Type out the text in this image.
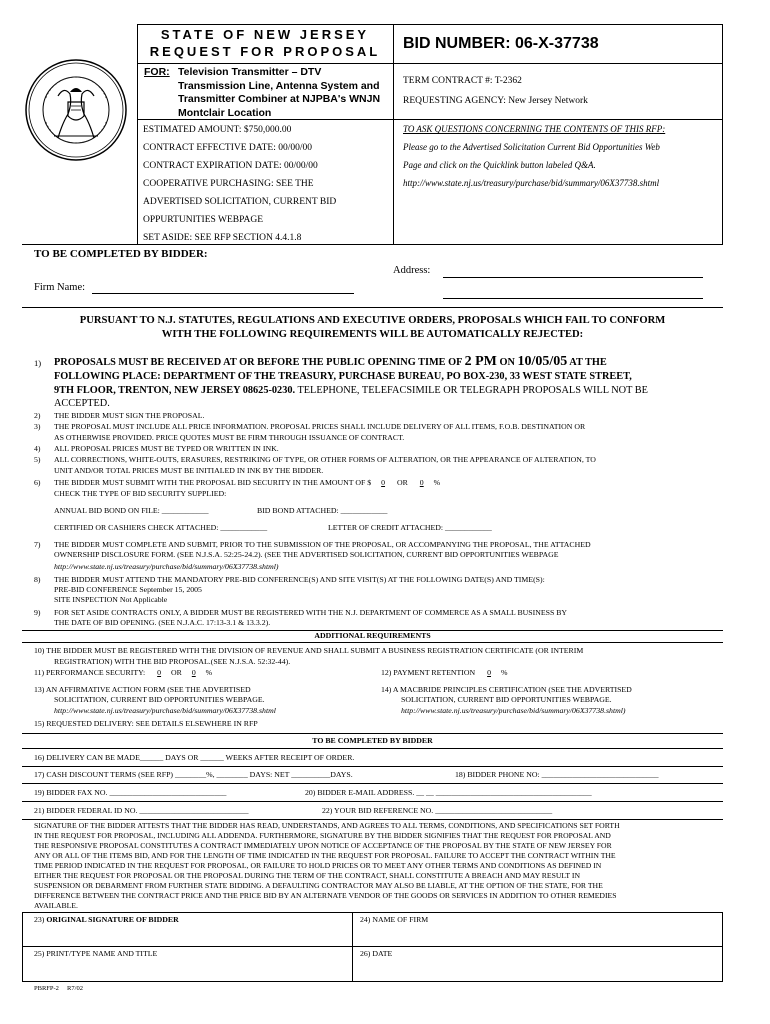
STATE OF NEW JERSEY
REQUEST FOR PROPOSAL	BID NUMBER: 06-X-37738
FOR: Television Transmitter – DTV Transmission Line, Antenna System and Transmitter Combiner at NJPBA's WNJN Montclair Location
TERM CONTRACT #: T-2362
REQUESTING AGENCY: New Jersey Network
ESTIMATED AMOUNT: $750,000.00
CONTRACT EFFECTIVE DATE: 00/00/00
CONTRACT EXPIRATION DATE: 00/00/00
COOPERATIVE PURCHASING: SEE THE
ADVERTISED SOLICITATION, CURRENT BID
OPPURTUNITIES WEBPAGE
SET ASIDE: SEE RFP SECTION 4.4.1.8
TO ASK QUESTIONS CONCERNING THE CONTENTS OF THIS RFP:
Please go to the Advertised Solicitation Current Bid Opportunities Web
Page and click on the Quicklink button labeled Q&A.
http://www.state.nj.us/treasury/purchase/bid/summary/06X37738.shtml
TO BE COMPLETED BY BIDDER:
Address:
Firm Name:
PURSUANT TO N.J. STATUTES, REGULATIONS AND EXECUTIVE ORDERS, PROPOSALS WHICH FAIL TO CONFORM
WITH THE FOLLOWING REQUIREMENTS WILL BE AUTOMATICALLY REJECTED:
1) PROPOSALS MUST BE RECEIVED AT OR BEFORE THE PUBLIC OPENING TIME OF 2 PM ON 10/05/05 AT THE
FOLLOWING PLACE: DEPARTMENT OF THE TREASURY, PURCHASE BUREAU, PO BOX-230, 33 WEST STATE STREET,
9TH FLOOR, TRENTON, NEW JERSEY 08625-0230. TELEPHONE, TELEFACSIMILE OR TELEGRAPH PROPOSALS WILL NOT BE
ACCEPTED.
2) THE BIDDER MUST SIGN THE PROPOSAL.
3) THE PROPOSAL MUST INCLUDE ALL PRICE INFORMATION. PROPOSAL PRICES SHALL INCLUDE DELIVERY OF ALL ITEMS, F.O.B. DESTINATION OR
AS OTHERWISE PROVIDED. PRICE QUOTES MUST BE FIRM THROUGH ISSUANCE OF CONTRACT.
4) ALL PROPOSAL PRICES MUST BE TYPED OR WRITTEN IN INK.
5) ALL CORRECTIONS, WHITE-OUTS, ERASURES, RESTRIKING OF TYPE, OR OTHER FORMS OF ALTERATION, OR THE APPEARANCE OF ALTERATION, TO
UNIT AND/OR TOTAL PRICES MUST BE INITIALED IN INK BY THE BIDDER.
6) THE BIDDER MUST SUBMIT WITH THE PROPOSAL BID SECURITY IN THE AMOUNT OF $ 0 OR 0 %
CHECK THE TYPE OF BID SECURITY SUPPLIED:
ANNUAL BID BOND ON FILE: ____________	BID BOND ATTACHED: ____________
CERTIFIED OR CASHIERS CHECK ATTACHED: ____________	LETTER OF CREDIT ATTACHED: ____________
7) THE BIDDER MUST COMPLETE AND SUBMIT, PRIOR TO THE SUBMISSION OF THE PROPOSAL, OR ACCOMPANYING THE PROPOSAL, THE ATTACHED
OWNERSHIP DISCLOSURE FORM. (SEE N.J.S.A. 52:25-24.2). (SEE THE ADVERTISED SOLICITATION, CURRENT BID OPPORTUNITIES WEBPAGE
http://www.state.nj.us/treasury/purchase/bid/summary/06X37738.shtml)
8) THE BIDDER MUST ATTEND THE MANDATORY PRE-BID CONFERENCE(S) AND SITE VISIT(S) AT THE FOLLOWING DATE(S) AND TIME(S):
PRE-BID CONFERENCE September 15, 2005
SITE INSPECTION Not Applicable
9) FOR SET ASIDE CONTRACTS ONLY, A BIDDER MUST BE REGISTERED WITH THE N.J. DEPARTMENT OF COMMERCE AS A SMALL BUSINESS BY
THE DATE OF BID OPENING. (SEE N.J.A.C. 17:13-3.1 & 13.3.2).
ADDITIONAL REQUIREMENTS
10) THE BIDDER MUST BE REGISTERED WITH THE DIVISION OF REVENUE AND SHALL SUBMIT A BUSINESS REGISTRATION CERTIFICATE (OR INTERIM
REGISTRATION) WITH THE BID PROPOSAL.(SEE N.J.S.A. 52:32-44).
11) PERFORMANCE SECURITY: 0 OR 0 %	12) PAYMENT RETENTION 0 %
13) AN AFFIRMATIVE ACTION FORM (SEE THE ADVERTISED
SOLICITATION, CURRENT BID OPPORTUNITIES WEBPAGE.
http://www.state.nj.us/treasury/purchase/bid/summary/06X37738.shtml
14) A MACBRIDE PRINCIPLES CERTIFICATION (SEE THE ADVERTISED
SOLICITATION, CURRENT BID OPPORTUNITIES WEBPAGE.
http://www.state.nj.us/treasury/purchase/bid/summary/06X37738.shtml)
15) REQUESTED DELIVERY: SEE DETAILS ELSEWHERE IN RFP
TO BE COMPLETED BY BIDDER
16) DELIVERY CAN BE MADE______ DAYS OR ______ WEEKS AFTER RECEIPT OF ORDER.
17) CASH DISCOUNT TERMS (SEE RFP) ________%, ________ DAYS: NET __________DAYS.	18) BIDDER PHONE NO: ______________________________
19) BIDDER FAX NO. ______________________________	20) BIDDER E-MAIL ADDRESS. __ __ ________________________________________
21) BIDDER FEDERAL ID NO. ____________________________	22) YOUR BID REFERENCE NO. ______________________________
SIGNATURE OF THE BIDDER ATTESTS THAT THE BIDDER HAS READ, UNDERSTANDS, AND AGREES TO ALL TERMS, CONDITIONS, AND SPECIFICATIONS SET FORTH
IN THE REQUEST FOR PROPOSAL, INCLUDING ALL ADDENDA. FURTHERMORE, SIGNATURE BY THE BIDDER SIGNIFIES THAT THE REQUEST FOR PROPOSAL AND
THE RESPONSIVE PROPOSAL CONSTITUTES A CONTRACT IMMEDIATELY UPON NOTICE OF ACCEPTANCE OF THE PROPOSAL BY THE STATE OF NEW JERSEY FOR
ANY OR ALL OF THE ITEMS BID, AND FOR THE LENGTH OF TIME INDICATED IN THE REQUEST FOR PROPOSAL. FAILURE TO ACCEPT THE CONTRACT WITHIN THE
TIME PERIOD INDICATED IN THE REQUEST FOR PROPOSAL, OR FAILURE TO HOLD PRICES OR TO MEET ANY OTHER TERMS AND CONDITIONS AS DEFINED IN
EITHER THE REQUEST FOR PROPOSAL OR THE PROPOSAL DURING THE TERM OF THE CONTRACT, SHALL CONSTITUTE A BREACH AND MAY RESULT IN
SUSPENSION OR DEBARMENT FROM FURTHER STATE BIDDING. A DEFAULTING CONTRACTOR MAY ALSO BE LIABLE, AT THE OPTION OF THE STATE, FOR THE
DIFFERENCE BETWEEN THE CONTRACT PRICE AND THE PRICE BID BY AN ALTERNATE VENDOR OF THE GOODS OR SERVICES IN ADDITION TO OTHER REMEDIES
AVAILABLE.
23) ORIGINAL SIGNATURE OF BIDDER	24) NAME OF FIRM
25) PRINT/TYPE NAME AND TITLE	26) DATE
PBRFP-2     R7/02
